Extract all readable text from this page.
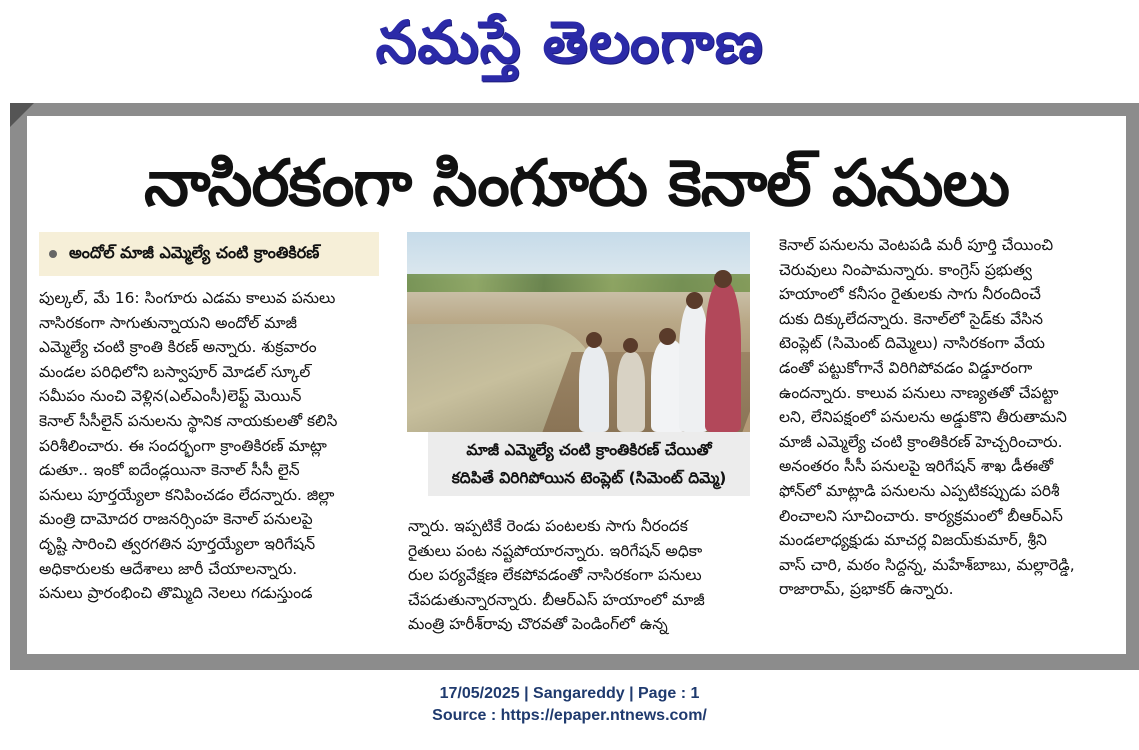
నమస్తే తెలంగాణ
నాసిరకంగా సింగూరు కెనాల్ పనులు
అందోల్ మాజీ ఎమ్మెల్యే చంటి క్రాంతికిరణ్
పుల్కల్, మే 16: సింగూరు ఎడమ కాలువ పనులు
నాసిరకంగా సాగుతున్నాయని అందోల్ మాజీ
ఎమ్మెల్యే చంటి క్రాంతి కిరణ్ అన్నారు. శుక్రవారం
మండల పరిధిలోని బస్వాపూర్ మోడల్ స్కూల్
సమీపం నుంచి వెళ్లిన(ఎల్ఎంసీ)లెఫ్ట్ మెయిన్
కెనాల్ సీసీలైన్ పనులను స్థానిక నాయకులతో కలిసి
పరిశీలించారు. ఈ సందర్భంగా క్రాంతికిరణ్ మాట్లా
డుతూ.. ఇంకో ఐదేండ్లయినా కెనాల్ సీసీ లైన్
పనులు పూర్తయ్యేలా కనిపించడం లేదన్నారు. జిల్లా
మంత్రి దామోదర రాజనర్సింహ కెనాల్ పనులపై
దృష్టి సారించి త్వరగతిన పూర్తయ్యేలా ఇరిగేషన్
అధికారులకు ఆదేశాలు జారీ చేయాలన్నారు.
పనులు ప్రారంభించి తొమ్మిది నెలలు గడుస్తుండ
మాజీ ఎమ్మెల్యే చంటి క్రాంతికిరణ్ చేయితో
కదిపితే విరిగిపోయిన టెంప్లెట్ (సిమెంట్ దిమ్మె)
న్నారు. ఇప్పటికే రెండు పంటలకు సాగు నీరందక
రైతులు పంట నష్టపోయారన్నారు. ఇరిగేషన్ అధికా
రుల పర్యవేక్షణ లేకపోవడంతో నాసిరకంగా పనులు
చేపడుతున్నారన్నారు. బీఆర్ఎస్ హయాంలో మాజీ
మంత్రి హరీశ్‌రావు చొరవతో పెండింగ్‌లో ఉన్న
కెనాల్ పనులను వెంటపడి మరీ పూర్తి చేయించి
చెరువులు నింపామన్నారు. కాంగ్రెస్ ప్రభుత్వ
హయాంలో కనీసం రైతులకు సాగు నీరందించే
దుకు దిక్కులేదన్నారు. కెనాల్‌లో సైడ్‌కు వేసిన
టెంప్లెట్ (సిమెంట్ దిమ్మెలు) నాసిరకంగా వేయ
డంతో పట్టుకోగానే విరిగిపోవడం విడ్డూరంగా
ఉందన్నారు. కాలువ పనులు నాణ్యతతో చేపట్టా
లని, లేనిపక్షంలో పనులను అడ్డుకొని తీరుతామని
మాజీ ఎమ్మెల్యే చంటి క్రాంతికిరణ్ హెచ్చరించారు.
అనంతరం సీసీ పనులపై ఇరిగేషన్ శాఖ డీఈతో
ఫోన్‌లో మాట్లాడి పనులను ఎప్పటికప్పుడు పరిశీ
లించాలని సూచించారు. కార్యక్రమంలో బీఆర్ఎస్
మండలాధ్యక్షుడు మాచర్ల విజయ్‌కుమార్, శ్రీని
వాస్ చారి, మఠం సిద్దన్న, మహేశ్‌బాబు, మల్లారెడ్డి,
రాజారామ్, ప్రభాకర్ ఉన్నారు.
17/05/2025 | Sangareddy | Page : 1
Source : https://epaper.ntnews.com/
